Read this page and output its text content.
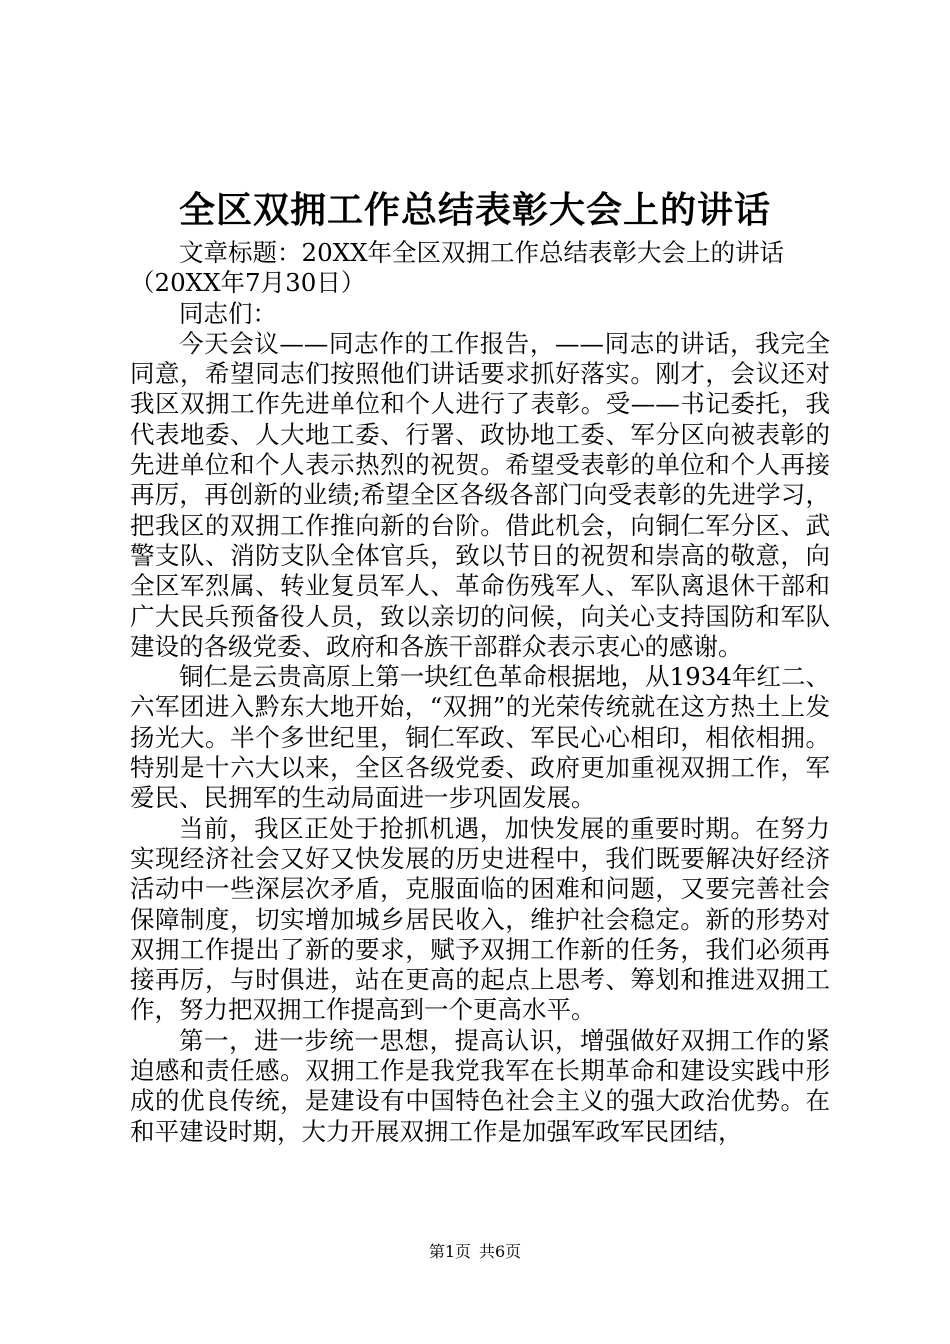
全区双拥工作总结表彰大会上的讲话

文章标题：20XX年全区双拥工作总结表彰大会上的讲话

（20XX年7月30日）

同志们：

今天会议——同志作的工作报告，——同志的讲话，我完全同意，希望同志们按照他们讲话要求抓好落实。刚才，会议还对我区双拥工作先进单位和个人进行了表彰。受——书记委托，我代表地委、人大地工委、行署、政协地工委、军分区向被表彰的先进单位和个人表示热烈的祝贺。希望受表彰的单位和个人再接再厉，再创新的业绩;希望全区各级各部门向受表彰的先进学习，把我区的双拥工作推向新的台阶。借此机会，向铜仁军分区、武警支队、消防支队全体官兵，致以节日的祝贺和崇高的敬意，向全区军烈属、转业复员军人、革命伤残军人、军队离退休干部和广大民兵预备役人员，致以亲切的问候，向关心支持国防和军队建设的各级党委、政府和各族干部群众表示衷心的感谢。

铜仁是云贵高原上第一块红色革命根据地，从1934年红二、六军团进入黔东大地开始，“双拥”的光荣传统就在这方热土上发扬光大。半个多世纪里，铜仁军政、军民心心相印，相依相拥。特别是十六大以来，全区各级党委、政府更加重视双拥工作，军爱民、民拥军的生动局面进一步巩固发展。

当前，我区正处于抢抓机遇，加快发展的重要时期。在努力实现经济社会又好又快发展的历史进程中，我们既要解决好经济活动中一些深层次矛盾，克服面临的困难和问题，又要完善社会保障制度，切实增加城乡居民收入，维护社会稳定。新的形势对双拥工作提出了新的要求，赋予双拥工作新的任务，我们必须再接再厉，与时俱进，站在更高的起点上思考、筹划和推进双拥工作，努力把双拥工作提高到一个更高水平。

第一，进一步统一思想，提高认识，增强做好双拥工作的紧迫感和责任感。双拥工作是我党我军在长期革命和建设实践中形成的优良传统，是建设有中国特色社会主义的强大政治优势。在和平建设时期，大力开展双拥工作是加强军政军民团结，

第1页 共6页
